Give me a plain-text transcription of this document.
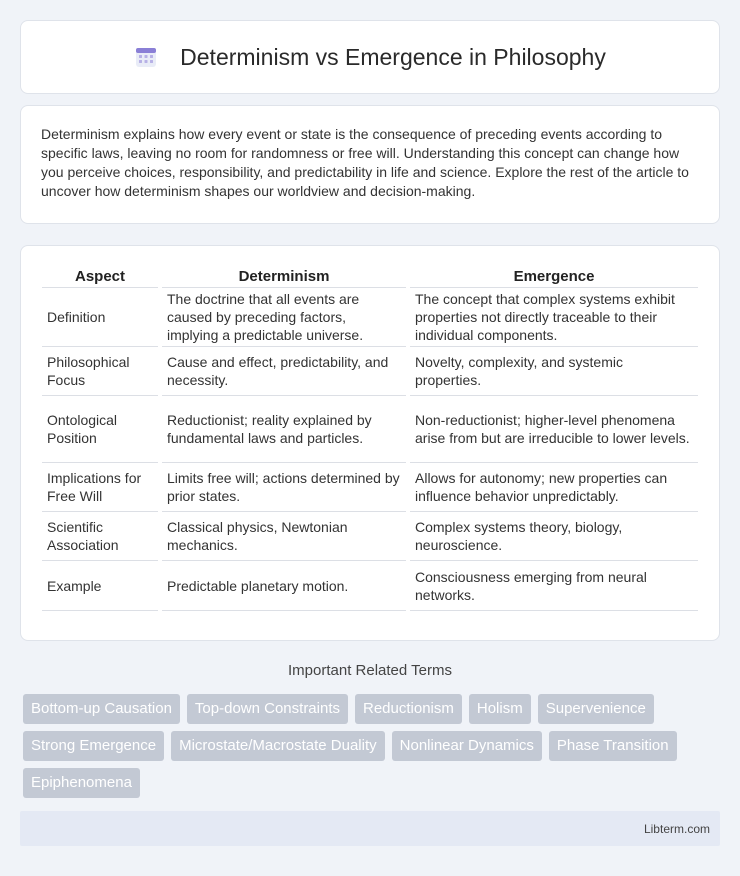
Determinism vs Emergence in Philosophy

Determinism explains how every event or state is the consequence of preceding events according to specific laws, leaving no room for randomness or free will. Understanding this concept can change how you perceive choices, responsibility, and predictability in life and science. Explore the rest of the article to uncover how determinism shapes our worldview and decision-making.

Aspect	Determinism	Emergence
Definition	The doctrine that all events are caused by preceding factors, implying a predictable universe.	The concept that complex systems exhibit properties not directly traceable to their individual components.
Philosophical Focus	Cause and effect, predictability, and necessity.	Novelty, complexity, and systemic properties.
Ontological Position	Reductionist; reality explained by fundamental laws and particles.	Non-reductionist; higher-level phenomena arise from but are irreducible to lower levels.
Implications for Free Will	Limits free will; actions determined by prior states.	Allows for autonomy; new properties can influence behavior unpredictably.
Scientific Association	Classical physics, Newtonian mechanics.	Complex systems theory, biology, neuroscience.
Example	Predictable planetary motion.	Consciousness emerging from neural networks.
Important Related Terms
Bottom-up Causation	Top-down Constraints	Reductionism	Holism	Supervenience
Strong Emergence	Microstate/Macrostate Duality	Nonlinear Dynamics	Phase Transition
Epiphenomena
Libterm.com
